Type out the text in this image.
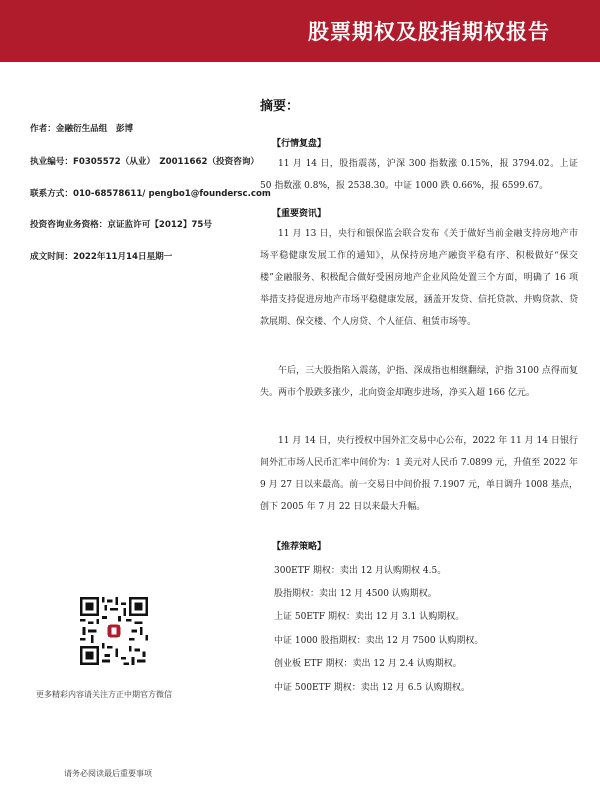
股票期权及股指期权报告
作者：金融衍生品组　彭博
执业编号：F0305572（从业）　Z0011662（投资咨询）
联系方式：010-68578611/ pengbo1@foundersc.com
投资咨询业务资格：京证监许可【2012】75号
成文时间：2022年11月14日星期一
更多精彩内容请关注方正中期官方微信
请务必阅读最后重要事项
摘要：
【行情复盘】
11 月 14 日，股指震荡，沪深 300 指数涨 0.15%，报 3794.02。上证 50 指数涨 0.8%，报 2538.30。中证 1000 跌 0.66%，报 6599.67。
【重要资讯】
11 月 13 日，央行和银保监会联合发布《关于做好当前金融支持房地产市场平稳健康发展工作的通知》，从保持房地产融资平稳有序、积极做好“保交楼”金融服务、积极配合做好受困房地产企业风险处置三个方面，明确了 16 项举措支持促进房地产市场平稳健康发展，涵盖开发贷、信托贷款、并购贷款、贷款展期、保交楼、个人房贷、个人征信、租赁市场等。
午后，三大股指陷入震荡，沪指、深成指也相继翻绿，沪指 3100 点得而复失。两市个股跌多涨少，北向资金却跑步进场，净买入超 166 亿元。
11 月 14 日，央行授权中国外汇交易中心公布，2022 年 11 月 14 日银行间外汇市场人民币汇率中间价为：1 美元对人民币 7.0899 元，升值至 2022 年 9 月 27 日以来最高。前一交易日中间价报 7.1907 元，单日调升 1008 基点，创下 2005 年 7 月 22 日以来最大升幅。
【推荐策略】
300ETF 期权：卖出 12 月认购期权 4.5。
股指期权：卖出 12 月 4500 认购期权。
上证 50ETF 期权：卖出 12 月 3.1 认购期权。
中证 1000 股指期权：卖出 12 月 7500 认购期权。
创业板 ETF 期权：卖出 12 月 2.4 认购期权。
中证 500ETF 期权：卖出 12 月 6.5 认购期权。
